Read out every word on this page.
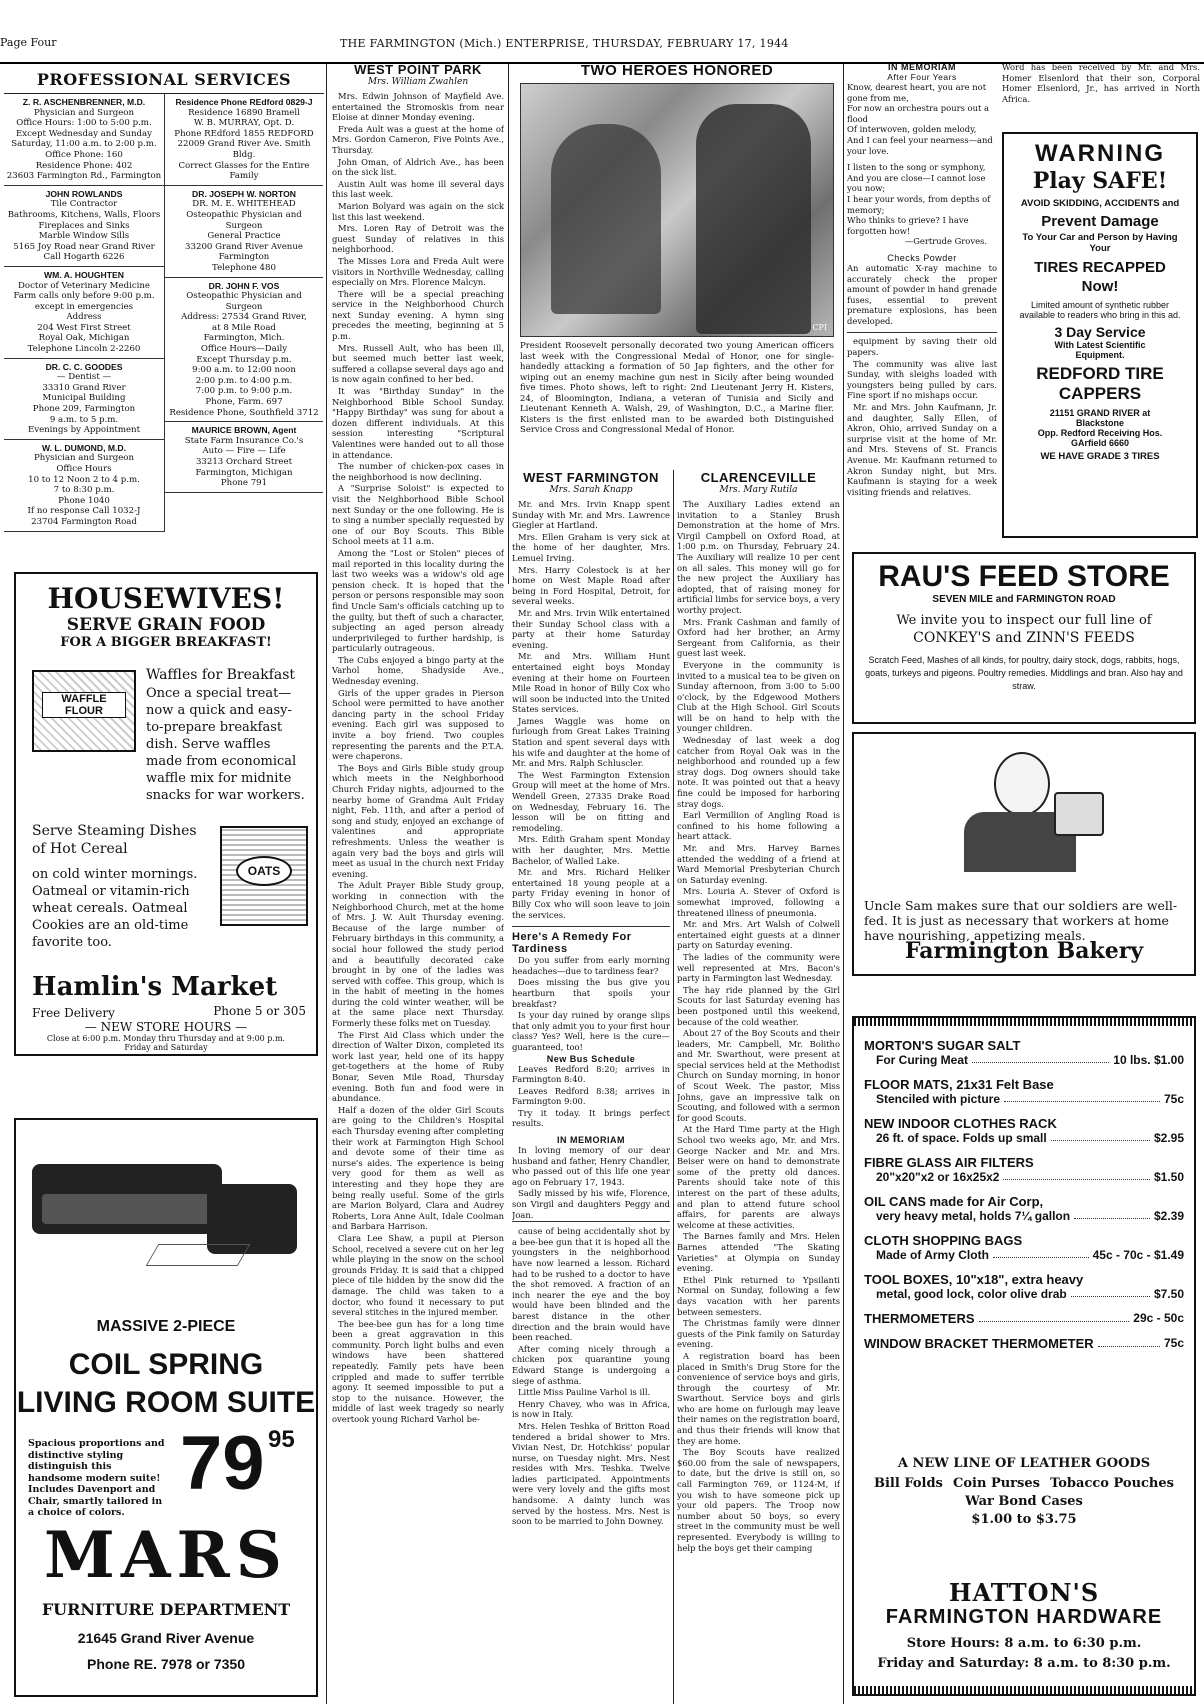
Page Four	THE FARMINGTON (Mich.) ENTERPRISE, THURSDAY, FEBRUARY 17, 1944
PROFESSIONAL SERVICES
Z. R. ASCHENBRENNER, M.D.
Physician and Surgeon
Office Hours: 1:00 to 5:00 p.m.
Except Wednesday and Sunday
Saturday, 11:00 a.m. to 2:00 p.m.
Office Phone: 160
Residence Phone: 402
23603 Farmington Rd., Farmington
JOHN ROWLANDS
Tile Contractor
Bathrooms, Kitchens, Walls, Floors
Fireplaces and Sinks
Marble Window Sills
5165 Joy Road near Grand River
Call Hogarth 6226
WM. A. HOUGHTEN
Doctor of Veterinary Medicine
Farm calls only before 9:00 p.m.
except in emergencies
Address
204 West First Street
Royal Oak, Michigan
Telephone Lincoln 2-2260
DR. C. C. GOODES
— Dentist —
33310 Grand River
Municipal Building
Phone 209, Farmington
9 a.m. to 5 p.m.
Evenings by Appointment
W. L. DUMOND, M.D.
Physician and Surgeon
Office Hours
10 to 12 Noon 2 to 4 p.m.
7 to 8:30 p.m.
Phone 1040
If no response Call 1032-J
23704 Farmington Road
Residence Phone REdford 0829-J
Residence 16890 Bramell
W. B. MURRAY, Opt. D.
Phone REdford 1855 REDFORD
22009 Grand River Ave. Smith Bldg.
Correct Glasses for the Entire
Family
DR. JOSEPH W. NORTON
DR. M. E. WHITEHEAD
Osteopathic Physician and
Surgeon
General Practice
33200 Grand River Avenue
Farmington
Telephone 480
DR. JOHN F. VOS
Osteopathic Physician and Surgeon
Address: 27534 Grand River,
at 8 Mile Road
Farmington, Mich.
Office Hours—Daily
Except Thursday p.m.
9:00 a.m. to 12:00 noon
2:00 p.m. to 4:00 p.m.
7:00 p.m. to 9:00 p.m.
Phone, Farm. 697
Residence Phone, Southfield 3712
MAURICE BROWN, Agent
State Farm Insurance Co.'s
Auto — Fire — Life
33213 Orchard Street
Farmington, Michigan
Phone 791
HOUSEWIVES!
SERVE GRAIN FOOD
FOR A BIGGER BREAKFAST!
WAFFLE FLOUR
Waffles for Breakfast
Once a special treat—now a quick and easy-to-prepare breakfast dish. Serve waffles made from economical waffle mix for midnite snacks for war workers.
Serve Steaming Dishes of Hot Cereal
on cold winter mornings. Oatmeal or vitamin-rich wheat cereals. Oatmeal Cookies are an old-time favorite too.
OATS
Hamlin's Market
Free Delivery	Phone 5 or 305
— NEW STORE HOURS —
Close at 6:00 p.m. Monday thru Thursday and at 9:00 p.m. Friday and Saturday
MASSIVE 2-PIECE
COIL SPRING
LIVING ROOM SUITE
Spacious proportions and distinctive styling distinguish this handsome modern suite! Includes Davenport and Chair, smartly tailored in a choice of colors.
79 95
MARS
FURNITURE DEPARTMENT
21645 Grand River Avenue
Phone RE. 7978 or 7350
WEST POINT PARK
Mrs. William Zwahlen

Mrs. Edwin Johnson of Mayfield Ave. entertained the Stromoskis from near Eloise at dinner Monday evening.

Freda Ault was a guest at the home of Mrs. Gordon Cameron, Five Points Ave., Thursday.

John Oman, of Aldrich Ave., has been on the sick list.

Austin Ault was home ill several days this last week.

Marion Bolyard was again on the sick list this last weekend.

Mrs. Loren Ray of Detroit was the guest Sunday of relatives in this neighborhood.

The Misses Lora and Freda Ault were visitors in Northville Wednesday, calling especially on Mrs. Florence Malcyn.

There will be a special preaching service in the Neighborhood Church next Sunday evening. A hymn sing precedes the meeting, beginning at 5 p.m.

Mrs. Russell Ault, who has been ill, but seemed much better last week, suffered a collapse several days ago and is now again confined to her bed.

It was "Birthday Sunday" in the Neighborhood Bible School Sunday. "Happy Birthday" was sung for about a dozen different individuals. At this session interesting "Scriptural Valentines were handed out to all those in attendance.

The number of chicken-pox cases in the neighborhood is now declining.

A "Surprise Soloist" is expected to visit the Neighborhood Bible School next Sunday or the one following. He is to sing a number specially requested by one of our Boy Scouts. This Bible School meets at 11 a.m.

Among the "Lost or Stolen" pieces of mail reported in this locality during the last two weeks was a widow's old age pension check. It is hoped that the person or persons responsible may soon find Uncle Sam's officials catching up to the guilty, but theft of such a character, subjecting an aged person already underprivileged to further hardship, is particularly outrageous.

The Cubs enjoyed a bingo party at the Varhol home, Shadyside Ave., Wednesday evening.

Girls of the upper grades in Pierson School were permitted to have another dancing party in the school Friday evening. Each girl was supposed to invite a boy friend. Two couples representing the parents and the P.T.A. were chaperons.

The Boys and Girls Bible study group which meets in the Neighborhood Church Friday nights, adjourned to the nearby home of Grandma Ault Friday night, Feb. 11th, and after a period of song and study, enjoyed an exchange of valentines and appropriate refreshments. Unless the weather is again very bad the boys and girls will meet as usual in the church next Friday evening.

The Adult Prayer Bible Study group, working in connection with the Neighborhood Church, met at the home of Mrs. J. W. Ault Thursday evening. Because of the large number of February birthdays in this community, a social hour followed the study period and a beautifully decorated cake brought in by one of the ladies was served with coffee. This group, which is in the habit of meeting in the homes during the cold winter weather, will be at the same place next Thursday. Formerly these folks met on Tuesday.

The First Aid Class which under the direction of Walter Dixon, completed its work last year, held one of its happy get-togethers at the home of Ruby Bonar, Seven Mile Road, Thursday evening. Both fun and food were in abundance.

Half a dozen of the older Girl Scouts are going to the Children's Hospital each Thursday evening after completing their work at Farmington High School and devote some of their time as nurse's aides. The experience is being very good for them as well as interesting and they hope they are being really useful. Some of the girls are Marion Bolyard, Clara and Audrey Roberts, Lora Anne Ault, Idale Coolman and Barbara Harrison.

Clara Lee Shaw, a pupil at Pierson School, received a severe cut on her leg while playing in the snow on the school grounds Friday. It is said that a chipped piece of tile hidden by the snow did the damage. The child was taken to a doctor, who found it necessary to put several stitches in the injured member.

The bee-bee gun has for a long time been a great aggravation in this community. Porch light bulbs and even windows have been shattered repeatedly. Family pets have been crippled and made to suffer terrible agony. It seemed impossible to put a stop to the nuisance. However, the middle of last week tragedy so nearly overtook young Richard Varhol be-

TWO HEROES HONORED
CPI
President Roosevelt personally decorated two young American officers last week with the Congressional Medal of Honor, one for single-handedly attacking a formation of 50 Jap fighters, and the other for wiping out an enemy machine gun nest in Sicily after being wounded five times. Photo shows, left to right: 2nd Lieutenant Jerry H. Kisters, 24, of Bloomington, Indiana, a veteran of Tunisia and Sicily and Lieutenant Kenneth A. Walsh, 29, of Washington, D.C., a Marine flier. Kisters is the first enlisted man to be awarded both Distinguished Service Cross and Congressional Medal of Honor.
WEST FARMINGTON
Mrs. Sarah Knapp

Mr. and Mrs. Irvin Knapp spent Sunday with Mr. and Mrs. Lawrence Giegler at Hartland.

Mrs. Ellen Graham is very sick at the home of her daughter, Mrs. Lemuel Irving.

Mrs. Harry Colestock is at her home on West Maple Road after being in Ford Hospital, Detroit, for several weeks.

Mr. and Mrs. Irvin Wilk entertained their Sunday School class with a party at their home Saturday evening.

Mr. and Mrs. William Hunt entertained eight boys Monday evening at their home on Fourteen Mile Road in honor of Billy Cox who will soon be inducted into the United States services.

James Waggle was home on furlough from Great Lakes Training Station and spent several days with his wife and daughter at the home of Mr. and Mrs. Ralph Schluscler.

The West Farmington Extension Group will meet at the home of Mrs. Wendell Green, 27335 Drake Road on Wednesday, February 16. The lesson will be on fitting and remodeling.

Mrs. Edith Graham spent Monday with her daughter, Mrs. Mettie Bachelor, of Walled Lake.

Mr. and Mrs. Richard Heliker entertained 18 young people at a party Friday evening in honor of Billy Cox who will soon leave to join the services.

Here's A Remedy For Tardiness

Do you suffer from early morning headaches—due to tardiness fear?

Does missing the bus give you heartburn that spoils your breakfast?

Is your day ruined by orange slips that only admit you to your first hour class? Yes? Well, here is the cure—guaranteed, too!

New Bus Schedule

Leaves Redford 8:20; arrives in Farmington 8:40.

Leaves Redford 8:38; arrives in Farmington 9:00.

Try it today. It brings perfect results.

IN MEMORIAM

In loving memory of our dear husband and father, Henry Chandler, who passed out of this life one year ago on February 17, 1943.

Sadly missed by his wife, Florence, son Virgil and daughters Peggy and Joan.

cause of being accidentally shot by a bee-bee gun that it is hoped all the youngsters in the neighborhood have now learned a lesson. Richard had to be rushed to a doctor to have the shot removed. A fraction of an inch nearer the eye and the boy would have been blinded and the barest distance in the other direction and the brain would have been reached.

After coming nicely through a chicken pox quarantine young Edward Stange is undergoing a siege of asthma.

Little Miss Pauline Varhol is ill.

Henry Chavey, who was in Africa, is now in Italy.

Mrs. Helen Teshka of Britton Road tendered a bridal shower to Mrs. Vivian Nest, Dr. Hotchkiss' popular nurse, on Tuesday night. Mrs. Nest resides with Mrs. Teshka. Twelve ladies participated. Appointments were very lovely and the gifts most handsome. A dainty lunch was served by the hostess. Mrs. Nest is soon to be married to John Downey.

CLARENCEVILLE
Mrs. Mary Rutila

The Auxiliary Ladies extend an invitation to a Stanley Brush Demonstration at the home of Mrs. Virgil Campbell on Oxford Road, at 1:00 p.m. on Thursday, February 24. The Auxiliary will realize 10 per cent on all sales. This money will go for the new project the Auxiliary has adopted, that of raising money for artificial limbs for service boys, a very worthy project.

Mrs. Frank Cashman and family of Oxford had her brother, an Army Sergeant from California, as their guest last week.

Everyone in the community is invited to a musical tea to be given on Sunday afternoon, from 3:00 to 5:00 o'clock, by the Edgewood Mothers Club at the High School. Girl Scouts will be on hand to help with the younger children.

Wednesday of last week a dog catcher from Royal Oak was in the neighborhood and rounded up a few stray dogs. Dog owners should take note. It was pointed out that a heavy fine could be imposed for harboring stray dogs.

Earl Vermillion of Angling Road is confined to his home following a heart attack.

Mr. and Mrs. Harvey Barnes attended the wedding of a friend at Ward Memorial Presbyterian Church on Saturday evening.

Mrs. Louria A. Stever of Oxford is somewhat improved, following a threatened illness of pneumonia.

Mr. and Mrs. Art Walsh of Colwell entertained eight guests at a dinner party on Saturday evening.

The ladies of the community were well represented at Mrs. Bacon's party in Farmington last Wednesday.

The hay ride planned by the Girl Scouts for last Saturday evening has been postponed until this weekend, because of the cold weather.

About 27 of the Boy Scouts and their leaders, Mr. Campbell, Mr. Bolitho and Mr. Swarthout, were present at special services held at the Methodist Church on Sunday morning, in honor of Scout Week. The pastor, Miss Johns, gave an impressive talk on Scouting, and followed with a sermon for good Scouts.

At the Hard Time party at the High School two weeks ago, Mr. and Mrs. George Nacker and Mr. and Mrs. Beiser were on hand to demonstrate some of the pretty old dances. Parents should take note of this interest on the part of these adults, and plan to attend future school affairs, for parents are always welcome at these activities.

The Barnes family and Mrs. Helen Barnes attended "The Skating Varieties" at Olympia on Sunday evening.

Ethel Pink returned to Ypsilanti Normal on Sunday, following a few days vacation with her parents between semesters.

The Christmas family were dinner guests of the Pink family on Saturday evening.

A registration board has been placed in Smith's Drug Store for the convenience of service boys and girls, through the courtesy of Mr. Swarthout. Service boys and girls who are home on furlough may leave their names on the registration board, and thus their friends will know that they are home.

The Boy Scouts have realized $60.00 from the sale of newspapers, to date, but the drive is still on, so call Farmington 769, or 1124-M, if you wish to have someone pick up your old papers. The Troop now number about 50 boys, so every street in the community must be well represented. Everybody is willing to help the boys get their camping

IN MEMORIAM
After Four Years
Know, dearest heart, you are not gone from me,
For now an orchestra pours out a flood
Of interwoven, golden melody,
And I can feel your nearness—and your love.
I listen to the song or symphony,
And you are close—I cannot lose you now;
I hear your words, from depths of memory;
Who thinks to grieve? I have forgotten how!
—Gertrude Groves.
Checks Powder
An automatic X-ray machine to accurately check the proper amount of powder in hand grenade fuses, essential to prevent premature explosions, has been developed.

equipment by saving their old papers.

The community was alive last Sunday, with sleighs loaded with youngsters being pulled by cars. Fine sport if no mishaps occur.

Mr. and Mrs. John Kaufmann, Jr. and daughter, Sally Ellen, of Akron, Ohio, arrived Sunday on a surprise visit at the home of Mr. and Mrs. Stevens of St. Francis Avenue. Mr. Kaufmann returned to Akron Sunday night, but Mrs. Kaufmann is staying for a week visiting friends and relatives.

Word has been received by Mr. and Mrs. Homer Elsenlord that their son, Corporal Homer Elsenlord, Jr., has arrived in North Africa.
WARNING
Play SAFE!
AVOID SKIDDING, ACCIDENTS and
Prevent Damage
To Your Car and Person by Having Your
TIRES RECAPPED Now!
Limited amount of synthetic rubber available to readers who bring in this ad.
3 Day Service
With Latest Scientific Equipment.
REDFORD TIRE CAPPERS
21151 GRAND RIVER at Blackstone
Opp. Redford Receiving Hos.
GArfield 6660
WE HAVE GRADE 3 TIRES
RAU'S FEED STORE
SEVEN MILE and FARMINGTON ROAD
We invite you to inspect our full line of
CONKEY'S and ZINN'S FEEDS
Scratch Feed, Mashes of all kinds, for poultry, dairy stock, dogs, rabbits, hogs, goats, turkeys and pigeons. Poultry remedies. Middlings and bran. Also hay and straw.
Uncle Sam makes sure that our soldiers are well-fed. It is just as necessary that workers at home have nourishing, appetizing meals.
Farmington Bakery
MORTON'S SUGAR SALT
For Curing Meat	10 lbs. $1.00
FLOOR MATS, 21x31 Felt Base
Stenciled with picture	75c
NEW INDOOR CLOTHES RACK
26 ft. of space. Folds up small	$2.95
FIBRE GLASS AIR FILTERS
20"x20"x2 or 16x25x2	$1.50
OIL CANS made for Air Corp,
very heavy metal, holds 7¼ gallon	$2.39
CLOTH SHOPPING BAGS
Made of Army Cloth	45c - 70c - $1.49
TOOL BOXES, 10"x18", extra heavy
metal, good lock, color olive drab	$7.50
THERMOMETERS	29c - 50c
WINDOW BRACKET THERMOMETER	75c
A NEW LINE OF LEATHER GOODS
Bill Folds Coin Purses Tobacco Pouches
War Bond Cases
$1.00 to $3.75
HATTON'S
FARMINGTON HARDWARE
Store Hours: 8 a.m. to 6:30 p.m.
Friday and Saturday: 8 a.m. to 8:30 p.m.
